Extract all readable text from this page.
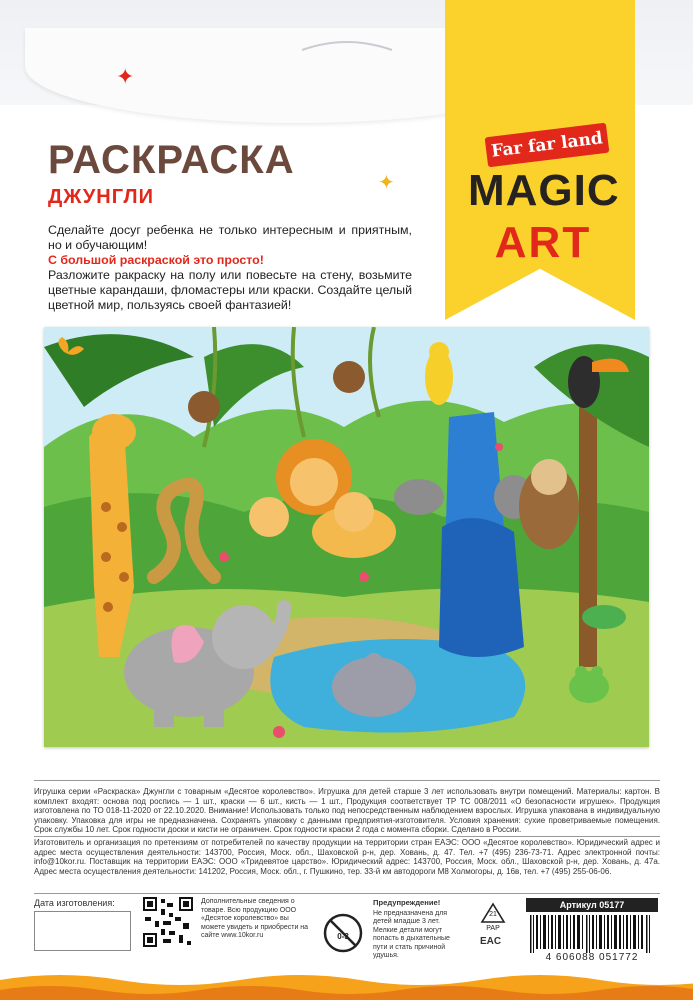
Far far land
MAGIC
ART
✦
✦
РАСКРАСКА
ДЖУНГЛИ
Сделайте досуг ребенка не только интересным и приятным, но и обучающим!
С большой раскраской это просто!
Разложите ракраску на полу или повесьте на стену, возьмите цветные карандаши, фломастеры или краски. Создайте целый цветной мир, пользуясь своей фантазией!
Игрушка серии «Раскраска» Джунгли с товарным «Десятое королевство». Игрушка для детей старше 3 лет использовать внутри помещений. Материалы: картон. В комплект входят: основа под роспись — 1 шт., краски — 6 шт., кисть — 1 шт., Продукция соответствует ТР ТС 008/2011 «О безопасности игрушек». Продукция изготовлена по ТО 018-11-2020 от 22.10.2020. Внимание! Использовать только под непосредственным наблюдением взрослых. Игрушка упакована в индивидуальную упаковку. Упаковка для игры не предназначена. Сохранять упаковку с данными предприятия-изготовителя. Условия хранения: сухие проветриваемые помещения. Срок службы 10 лет. Срок годности доски и кисти не ограничен. Срок годности краски 2 года с момента сборки. Сделано в России.
Изготовитель и организация по претензиям от потребителей по качеству продукции на территории стран ЕАЭС: ООО «Десятое королевство». Юридический адрес и адрес места осуществления деятельности: 143700, Россия, Моск. обл., Шаховской р-н, дер. Ховань, д. 47. Тел. +7 (495) 236-73-71. Адрес электронной почты: info@10kor.ru. Поставщик на территории ЕАЭС: ООО «Тридевятое царство». Юридический адрес: 143700, Россия, Моск. обл., Шаховской р-н, дер. Ховань, д. 47а. Адрес места осуществления деятельности: 141202, Россия, Моск. обл., г. Пушкино, тер. 33-й км автодороги М8 Холмогоры, д. 16в, тел. +7 (495) 255-06-06.
Дата изготовления:	Дополнительные сведения о товаре. Всю продукцию ООО «Десятое королевство» вы можете увидеть и приобрести на сайте www.10kor.ru	0-3
Предупреждение!
Не предназначена для детей младше 3 лет. Мелкие детали могут попасть в дыхательные пути и стать причиной удушья.
21
PAP
EAC
Артикул 05177
4 606088 051772
